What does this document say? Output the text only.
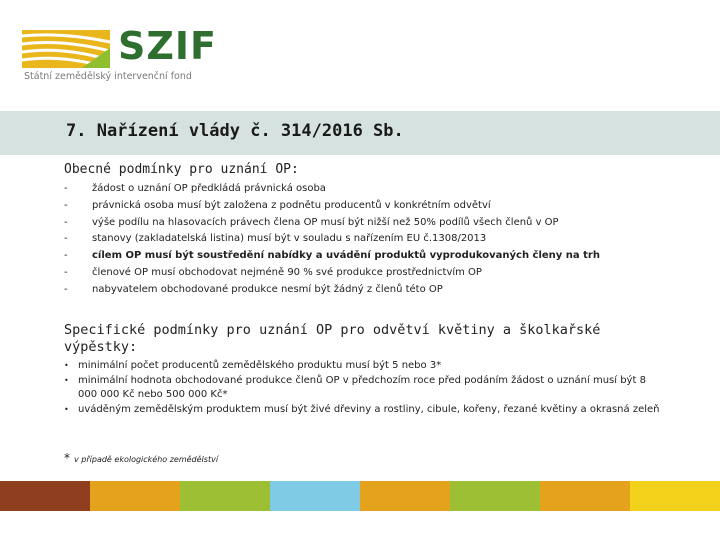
SZIF
Státní zemědělský intervenční fond
7. Nařízení vlády č. 314/2016 Sb.
Obecné podmínky pro uznání OP:
-	žádost o uznání OP předkládá právnická osoba
-	právnická osoba musí být založena z podnětu producentů v konkrétním odvětví
-	výše podílu na hlasovacích právech člena OP musí být nižší než 50% podílů všech členů v OP
-	stanovy (zakladatelská listina) musí být v souladu s nařízením EU č.1308/2013
-	cílem OP musí být soustředění nabídky a uvádění produktů vyprodukovaných členy na trh
-	členové OP musí obchodovat nejméně 90 % své produkce prostřednictvím OP
-	nabyvatelem obchodované produkce nesmí být žádný z členů této OP
Specifické podmínky pro uznání OP pro odvětví květiny a školkařské výpěstky:
• minimální počet producentů zemědělského produktu musí být 5 nebo 3*
• minimální hodnota obchodované produkce členů OP v předchozím roce před podáním žádost o uznání musí být 8 000 000 Kč nebo 500 000 Kč*
• uváděným zemědělským produktem musí být živé dřeviny a rostliny, cibule, kořeny, řezané květiny a okrasná zeleň
* v případě ekologického zemědělství
